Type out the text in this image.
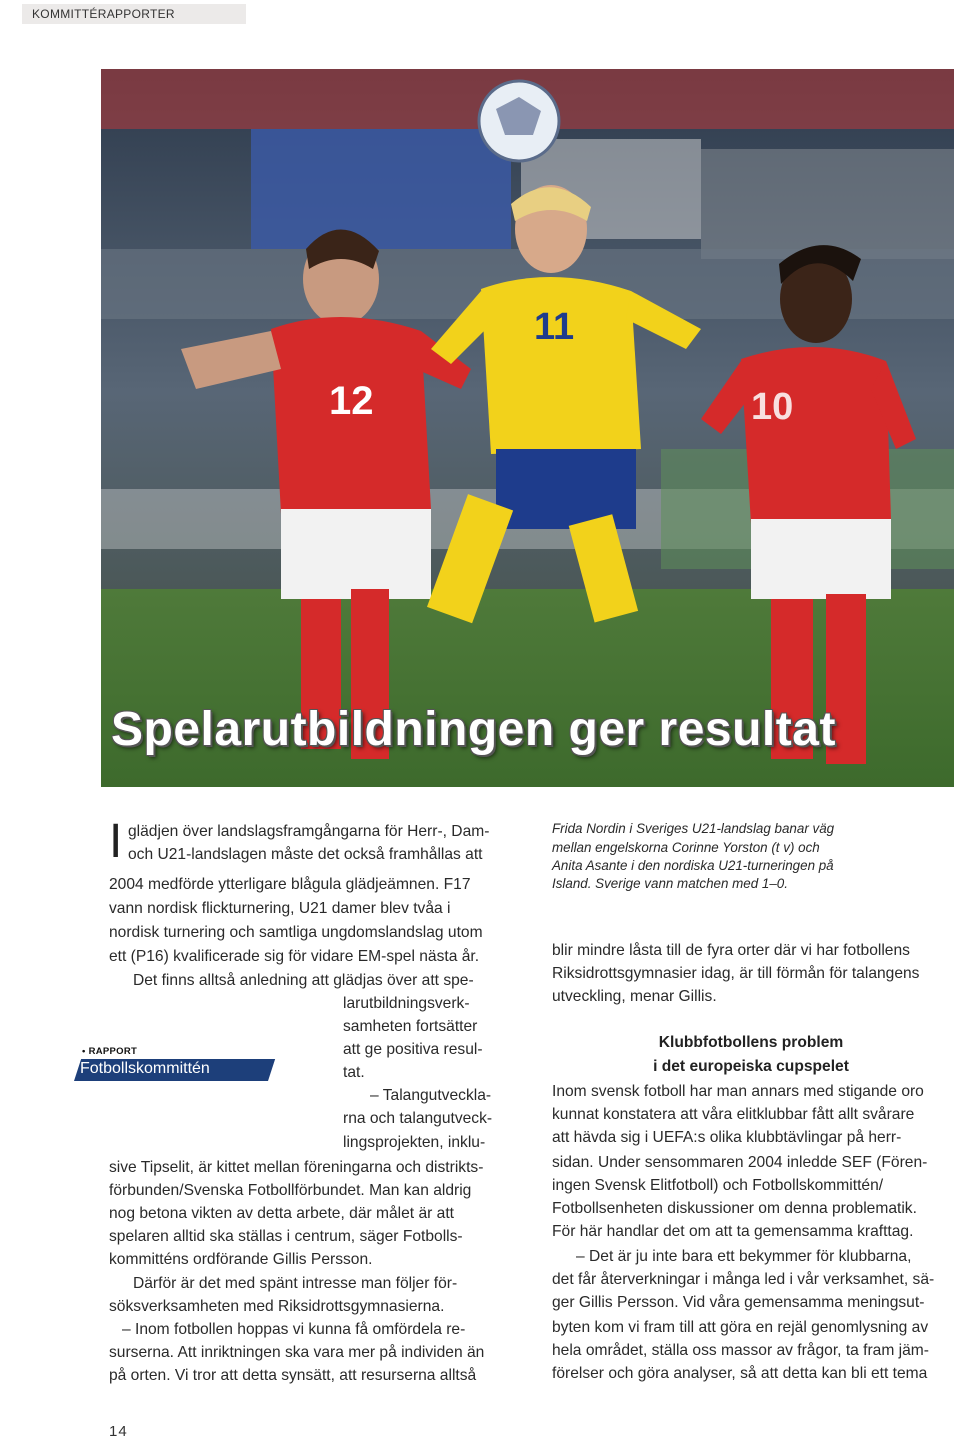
KOMMITTÉRAPPORTER
12
11
10
Spelarutbildningen ger resultat
I glädjen över landslagsframgångarna för Herr-, Dam-
och U21-landslagen måste det också framhållas att
2004 medförde ytterligare blågula glädjeämnen. F17
vann nordisk flickturnering, U21 damer blev tvåa i
nordisk turnering och samtliga ungdomslandslag utom
ett (P16) kvalificerade sig för vidare EM-spel nästa år.
Det finns alltså anledning att glädjas över att spe-
larutbildningsverk-
samheten fortsätter
att ge positiva resul-
tat.
– Talangutveckla-
rna och talangutveck-
lingsprojekten, inklu-
sive Tipselit, är kittet mellan föreningarna och distrikts-
förbunden/Svenska Fotbollförbundet. Man kan aldrig
nog betona vikten av detta arbete, där målet är att
spelaren alltid ska ställas i centrum, säger Fotbolls-
kommitténs ordförande Gillis Persson.
Därför är det med spänt intresse man följer för-
söksverksamheten med Riksidrottsgymnasierna.
– Inom fotbollen hoppas vi kunna få omfördela re-
surserna. Att inriktningen ska vara mer på individen än
på orten. Vi tror att detta synsätt, att resurserna alltså
• RAPPORT
Fotbollskommittén
Frida Nordin i Sveriges U21-landslag banar väg
mellan engelskorna Corinne Yorston (t v) och
Anita Asante i den nordiska U21-turneringen på
Island. Sverige vann matchen med 1–0.
blir mindre låsta till de fyra orter där vi har fotbollens
Riksidrottsgymnasier idag, är till förmån för talangens
utveckling, menar Gillis.
Klubbfotbollens problem
i det europeiska cupspelet
Inom svensk fotboll har man annars med stigande oro
kunnat konstatera att våra elitklubbar fått allt svårare
att hävda sig i UEFA:s olika klubbtävlingar på herr-
sidan. Under sensommaren 2004 inledde SEF (Fören-
ingen Svensk Elitfotboll) och Fotbollskommittén/
Fotbollsenheten diskussioner om denna problematik.
För här handlar det om att ta gemensamma krafttag.
– Det är ju inte bara ett bekymmer för klubbarna,
det får återverkningar i många led i vår verksamhet, sä-
ger Gillis Persson. Vid våra gemensamma meningsut-
byten kom vi fram till att göra en rejäl genomlysning av
hela området, ställa oss massor av frågor, ta fram jäm-
förelser och göra analyser, så att detta kan bli ett tema
14
